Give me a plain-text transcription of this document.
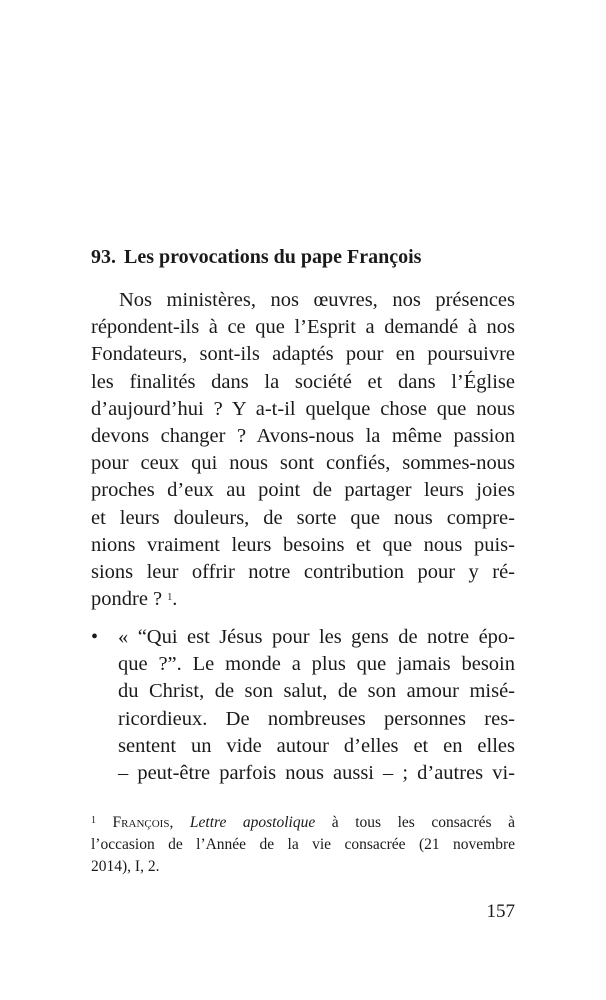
93. Les provocations du pape François
Nos ministères, nos œuvres, nos présences
répondent-ils à ce que l’Esprit a demandé à nos
Fondateurs, sont-ils adaptés pour en poursuivre
les finalités dans la société et dans l’Église
d’aujourd’hui ? Y a-t-il quelque chose que nous
devons changer ? Avons-nous la même passion
pour ceux qui nous sont confiés, sommes-nous
proches d’eux au point de partager leurs joies
et leurs douleurs, de sorte que nous compre-
nions vraiment leurs besoins et que nous puis-
sions leur offrir notre contribution pour y ré-
pondre ? $^1$.
• « “Qui est Jésus pour les gens de notre épo-
que ?”. Le monde a plus que jamais besoin
du Christ, de son salut, de son amour misé-
ricordieux. De nombreuses personnes res-
sentent un vide autour d’elles et en elles
– peut-être parfois nous aussi – ; d’autres vi-
$^1$ François, Lettre apostolique à tous les consacrés à
l’occasion de l’Année de la vie consacrée (21 novembre
2014), I, 2.
157
